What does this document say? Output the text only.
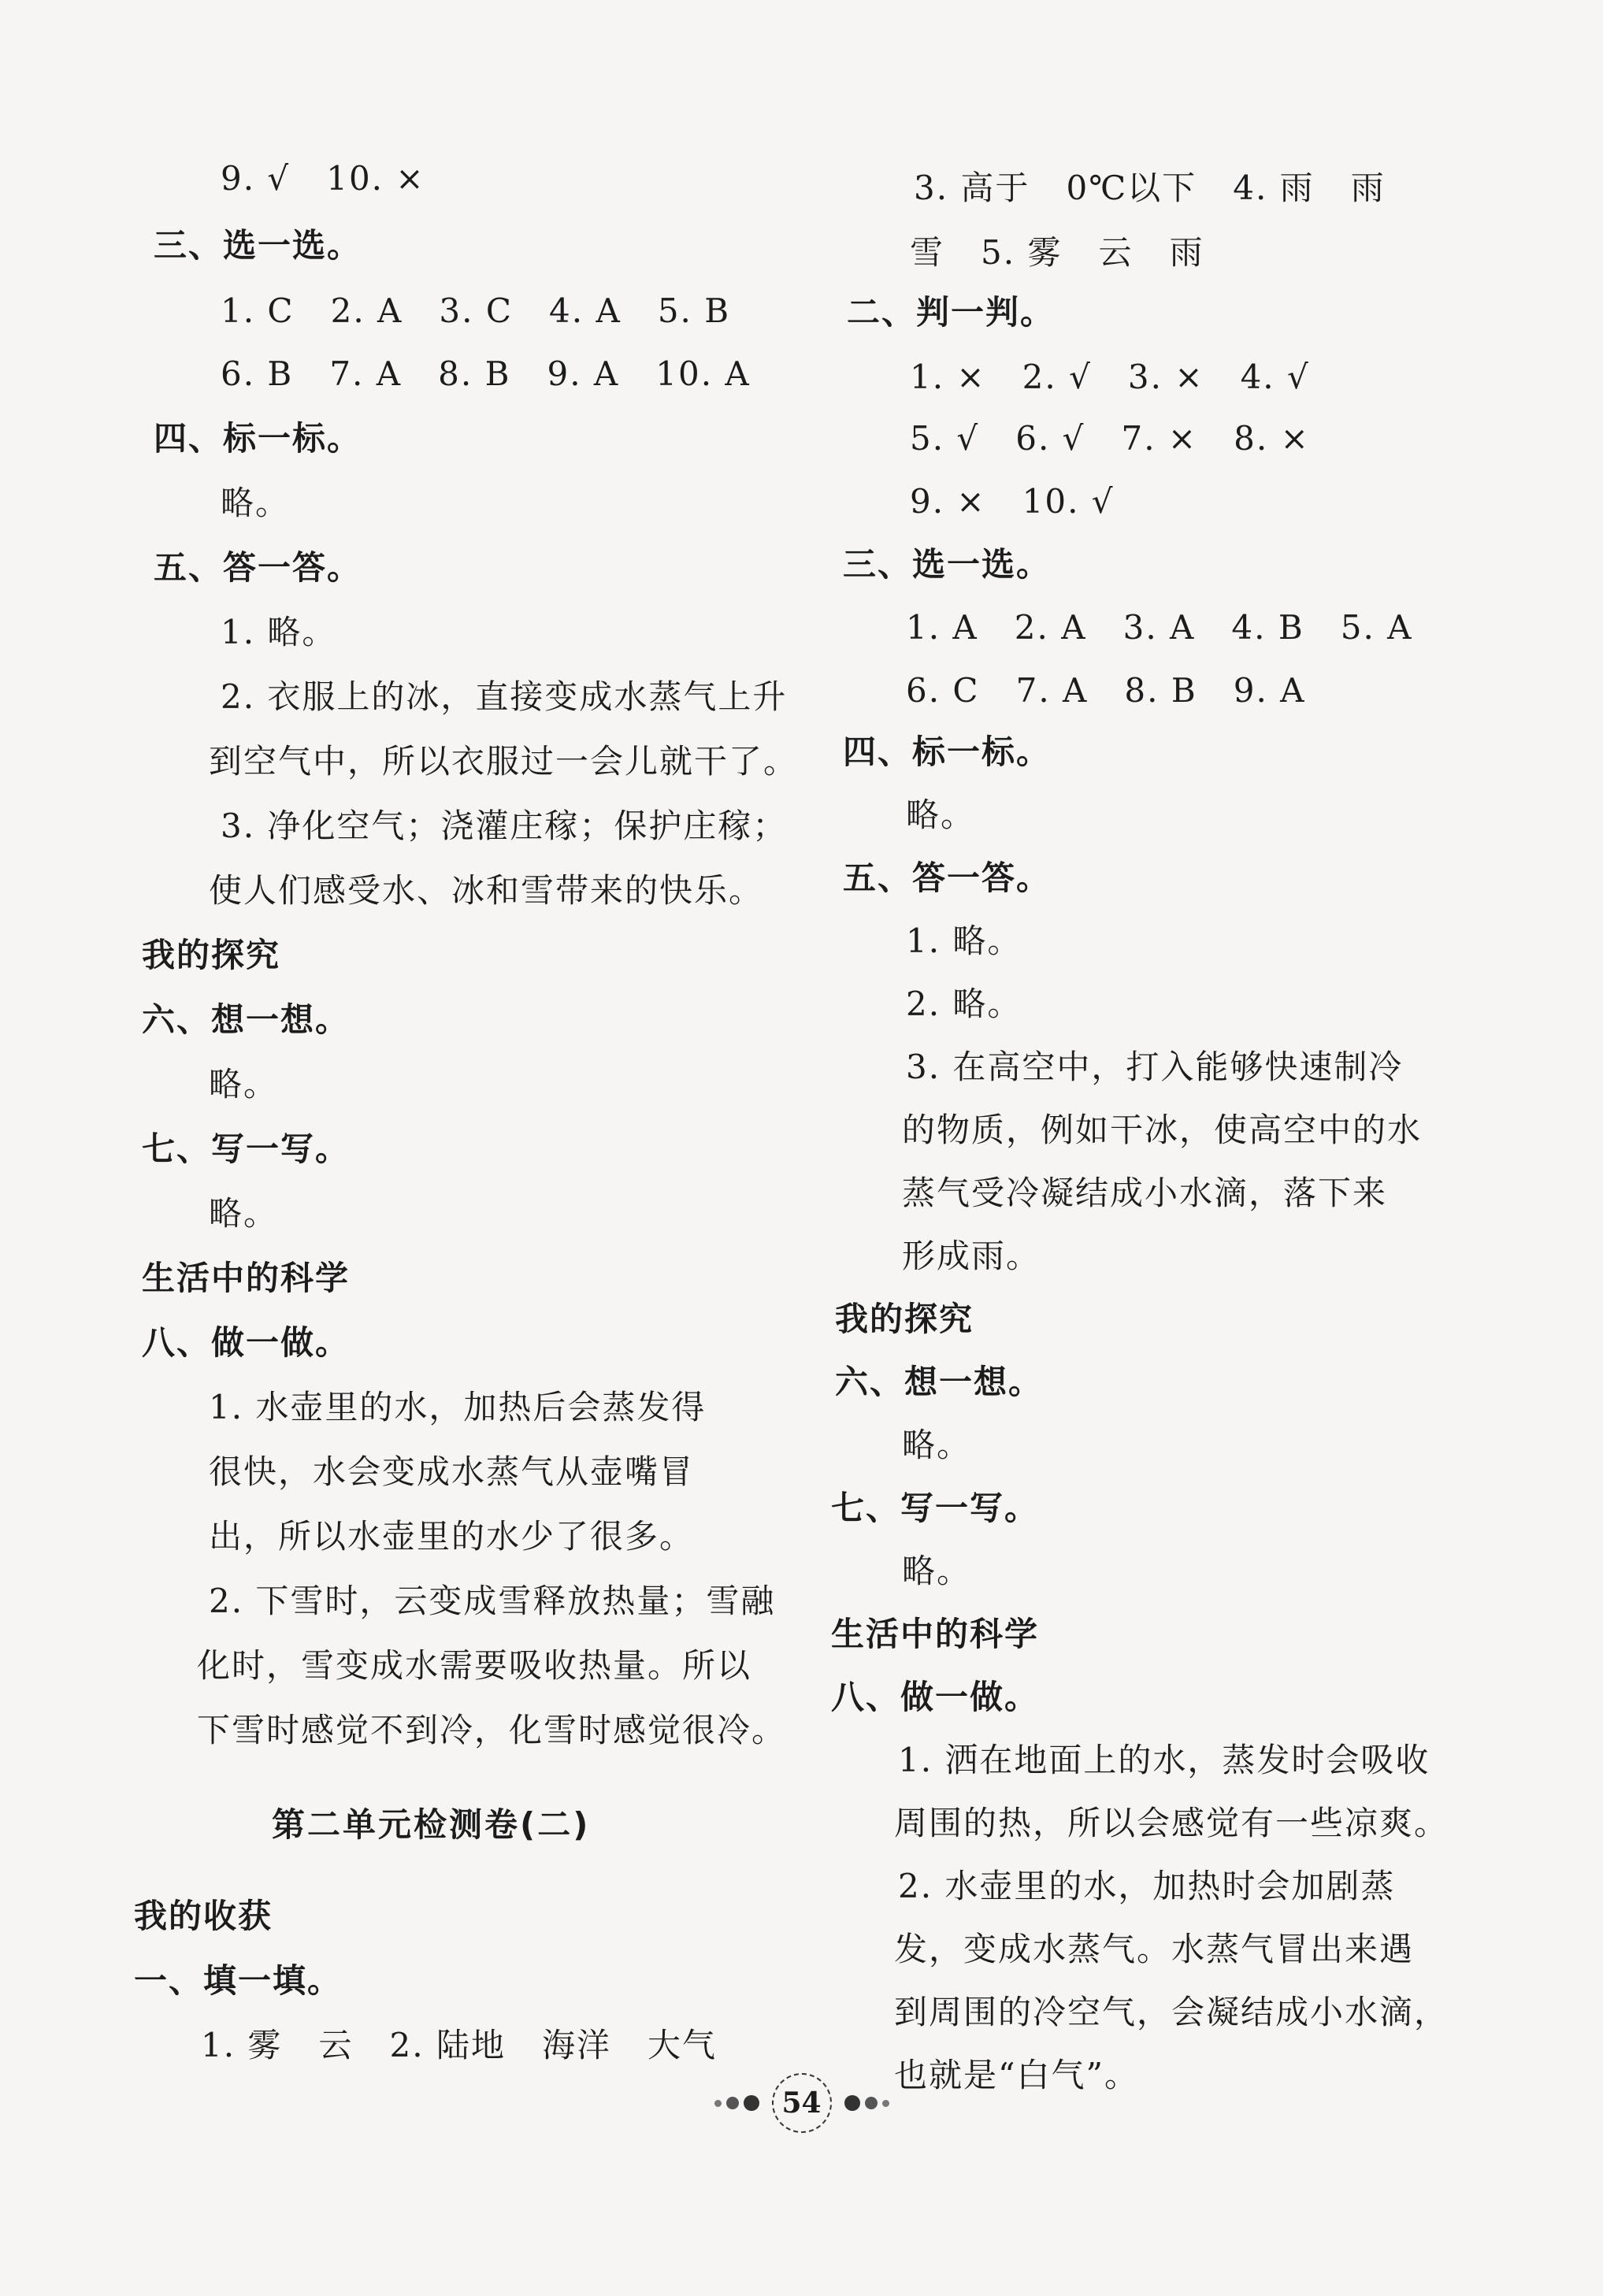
9. √   10. ×
三、选一选。
1. C   2. A   3. C   4. A   5. B
6. B   7. A   8. B   9. A   10. A
四、标一标。
略。
五、答一答。
1. 略。
2. 衣服上的冰，直接变成水蒸气上升
到空气中，所以衣服过一会儿就干了。
3. 净化空气；浇灌庄稼；保护庄稼；
使人们感受水、冰和雪带来的快乐。
我的探究
六、想一想。
略。
七、写一写。
略。
生活中的科学
八、做一做。
1. 水壶里的水，加热后会蒸发得
很快，水会变成水蒸气从壶嘴冒
出，所以水壶里的水少了很多。
2. 下雪时，云变成雪释放热量；雪融
化时，雪变成水需要吸收热量。所以
下雪时感觉不到冷，化雪时感觉很冷。
第二单元检测卷(二)
我的收获
一、填一填。
1. 雾   云   2. 陆地   海洋   大气
3. 高于   0℃以下   4. 雨   雨
雪   5. 雾   云   雨
二、判一判。
1. ×   2. √   3. ×   4. √
5. √   6. √   7. ×   8. ×
9. ×   10. √
三、选一选。
1. A   2. A   3. A   4. B   5. A
6. C   7. A   8. B   9. A
四、标一标。
略。
五、答一答。
1. 略。
2. 略。
3. 在高空中，打入能够快速制冷
的物质，例如干冰，使高空中的水
蒸气受冷凝结成小水滴，落下来
形成雨。
我的探究
六、想一想。
略。
七、写一写。
略。
生活中的科学
八、做一做。
1. 洒在地面上的水，蒸发时会吸收
周围的热，所以会感觉有一些凉爽。
2. 水壶里的水，加热时会加剧蒸
发，变成水蒸气。水蒸气冒出来遇
到周围的冷空气，会凝结成小水滴，
也就是“白气”。
54
